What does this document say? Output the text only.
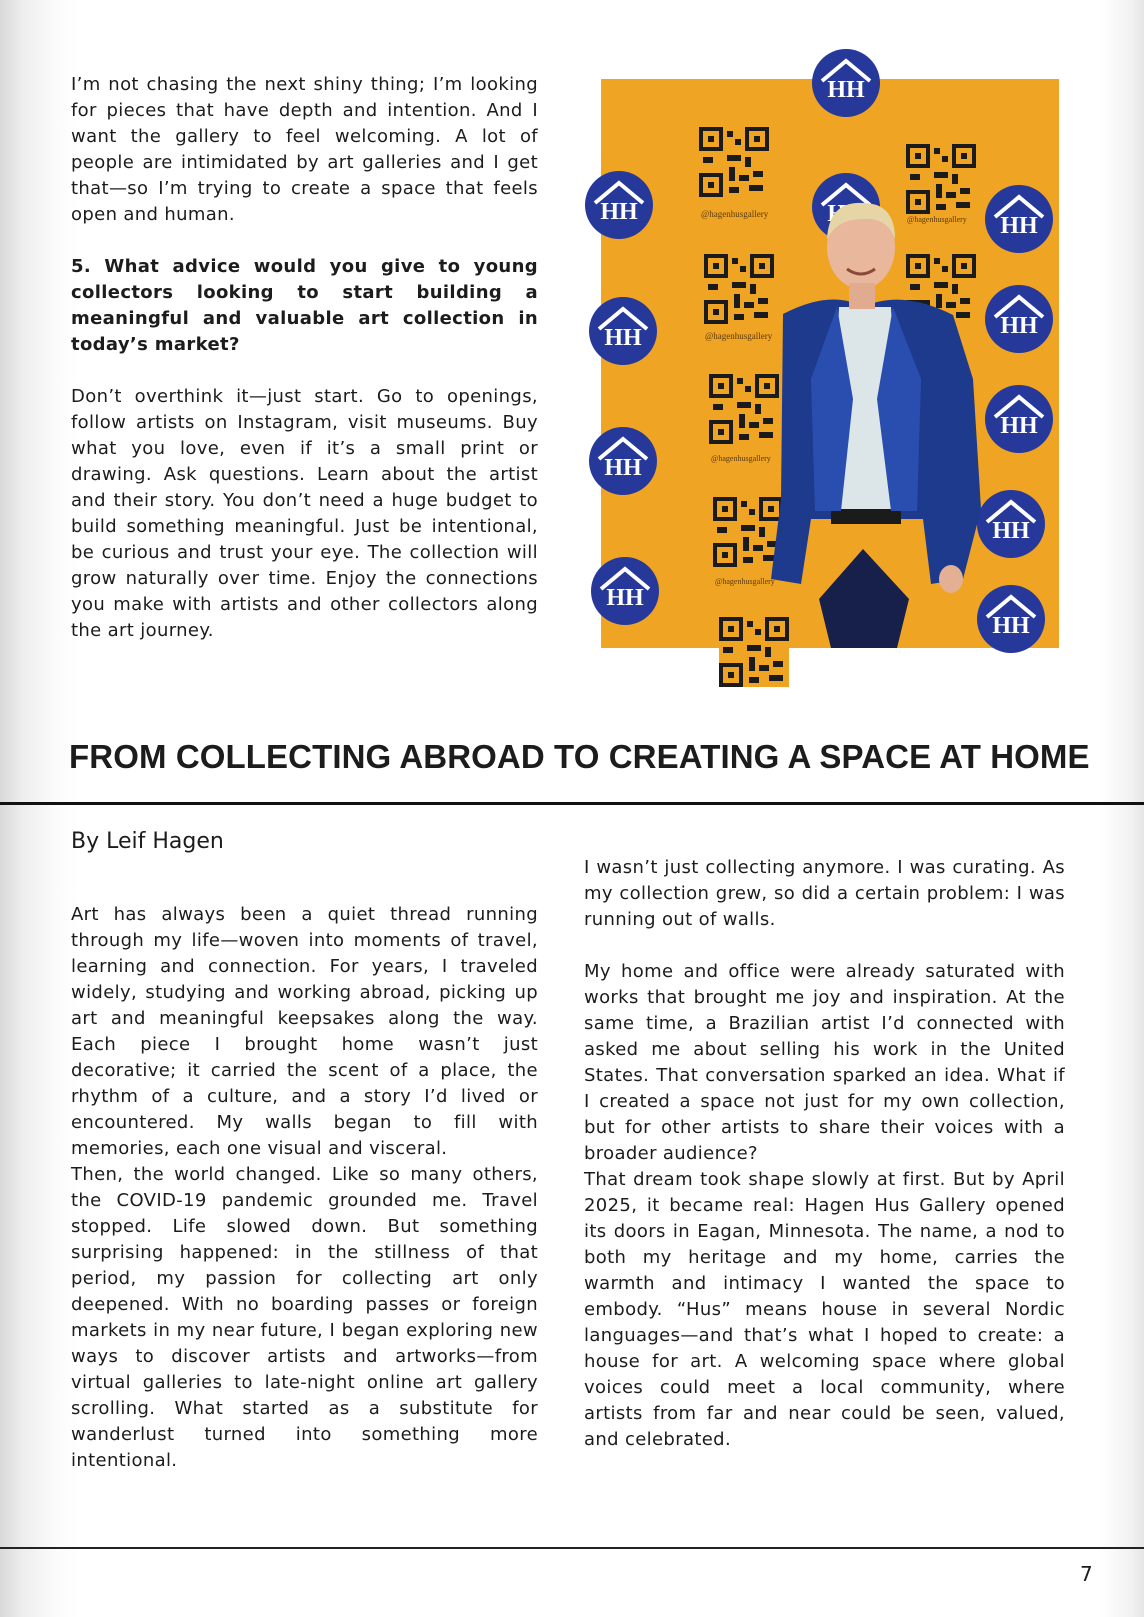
I’m not chasing the next shiny thing; I’m looking for pieces that have depth and intention. And I want the gallery to feel welcoming. A lot of people are intimidated by art galleries and I get that—so I’m trying to create a space that feels open and human.

5. What advice would you give to young collectors looking to start building a meaningful and valuable art collection in today’s market?

Don’t overthink it—just start. Go to openings, follow artists on Instagram, visit museums. Buy what you love, even if it’s a small print or drawing. Ask questions. Learn about the artist and their story. You don’t need a huge budget to build something meaningful. Just be intentional, be curious and trust your eye. The collection will grow naturally over time. Enjoy the connections you make with artists and other collectors along the art journey.

@hagenhusgallery
@hagenhusgallery
@hagenhusgallery
@hagenhusgallery
@hagenhusgallery
FROM COLLECTING ABROAD TO CREATING A SPACE AT HOME

By Leif Hagen

Art has always been a quiet thread running through my life—woven into moments of travel, learning and connection. For years, I traveled widely, studying and working abroad, picking up art and meaningful keepsakes along the way. Each piece I brought home wasn’t just decorative; it carried the scent of a place, the rhythm of a culture, and a story I’d lived or encountered. My walls began to fill with memories, each one visual and visceral.

Then, the world changed. Like so many others, the COVID-19 pandemic grounded me. Travel stopped. Life slowed down. But something surprising happened: in the stillness of that period, my passion for collecting art only deepened. With no boarding passes or foreign markets in my near future, I began exploring new ways to discover artists and artworks—from virtual galleries to late-night online art gallery scrolling. What started as a substitute for wanderlust turned into something more intentional.

I wasn’t just collecting anymore. I was curating. As my collection grew, so did a certain problem: I was running out of walls.

My home and office were already saturated with works that brought me joy and inspiration. At the same time, a Brazilian artist I’d connected with asked me about selling his work in the United States. That conversation sparked an idea. What if I created a space not just for my own collection, but for other artists to share their voices with a broader audience?

That dream took shape slowly at first. But by April 2025, it became real: Hagen Hus Gallery opened its doors in Eagan, Minnesota. The name, a nod to both my heritage and my home, carries the warmth and intimacy I wanted the space to embody. “Hus” means house in several Nordic languages—and that’s what I hoped to create: a house for art. A welcoming space where global voices could meet a local community, where artists from far and near could be seen, valued, and celebrated.

7
